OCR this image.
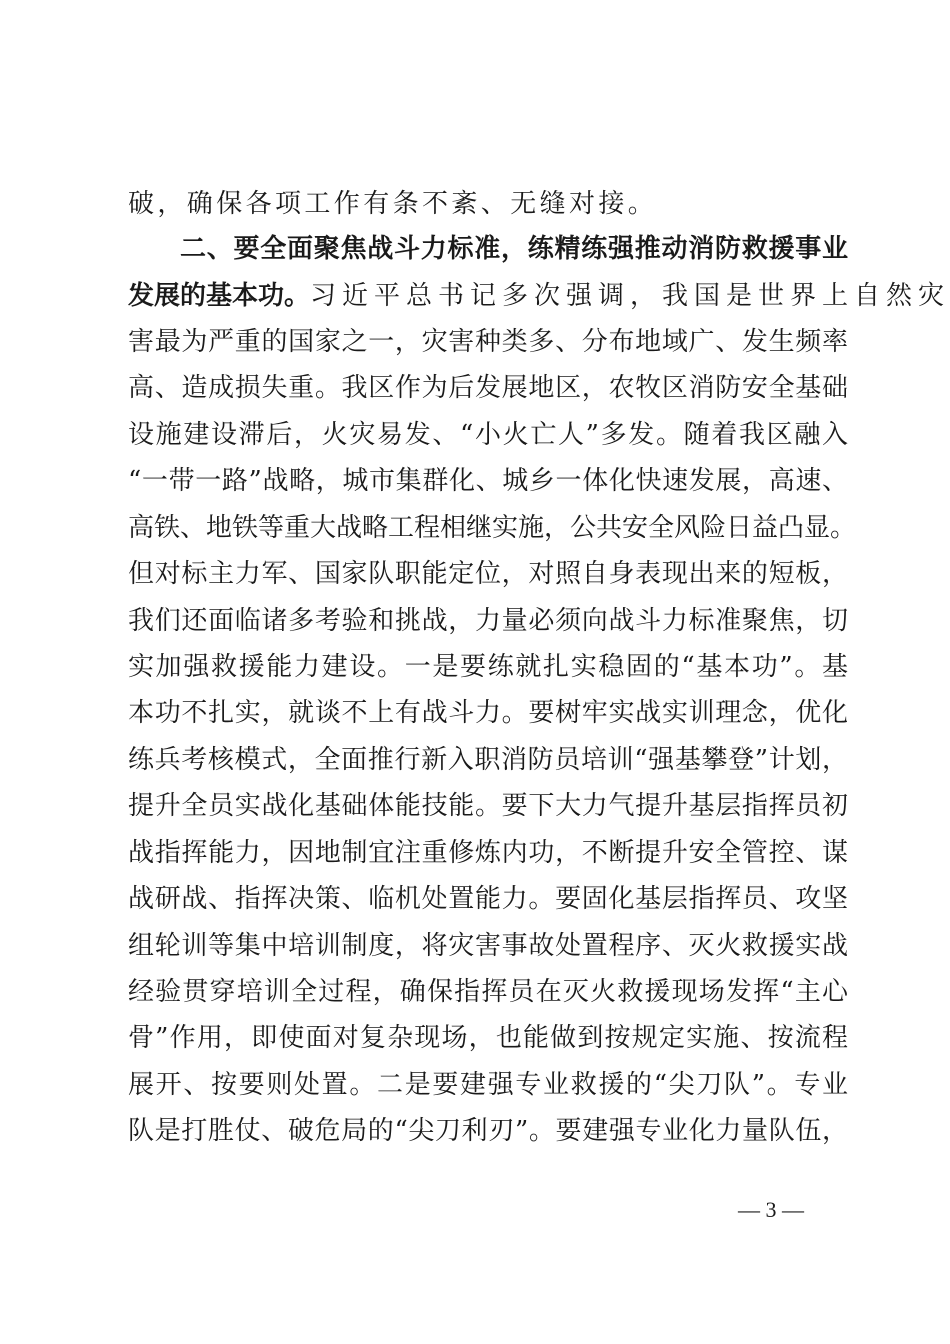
破，确保各项工作有条不紊、无缝对接。
二、要全面聚焦战斗力标准，练精练强推动消防救援事业
发展的基本功。习近平总书记多次强调，我国是世界上自然灾
害最为严重的国家之一，灾害种类多、分布地域广、发生频率
高、造成损失重。我区作为后发展地区，农牧区消防安全基础
设施建设滞后，火灾易发、“小火亡人”多发。随着我区融入
“一带一路”战略，城市集群化、城乡一体化快速发展，高速、
高铁、地铁等重大战略工程相继实施，公共安全风险日益凸显。
但对标主力军、国家队职能定位，对照自身表现出来的短板，
我们还面临诸多考验和挑战，力量必须向战斗力标准聚焦，切
实加强救援能力建设。一是要练就扎实稳固的“基本功”。基
本功不扎实，就谈不上有战斗力。要树牢实战实训理念，优化
练兵考核模式，全面推行新入职消防员培训“强基攀登”计划，
提升全员实战化基础体能技能。要下大力气提升基层指挥员初
战指挥能力，因地制宜注重修炼内功，不断提升安全管控、谋
战研战、指挥决策、临机处置能力。要固化基层指挥员、攻坚
组轮训等集中培训制度，将灾害事故处置程序、灭火救援实战
经验贯穿培训全过程，确保指挥员在灭火救援现场发挥“主心
骨”作用，即使面对复杂现场，也能做到按规定实施、按流程
展开、按要则处置。二是要建强专业救援的“尖刀队”。专业
队是打胜仗、破危局的“尖刀利刃”。要建强专业化力量队伍，
— 3 —
